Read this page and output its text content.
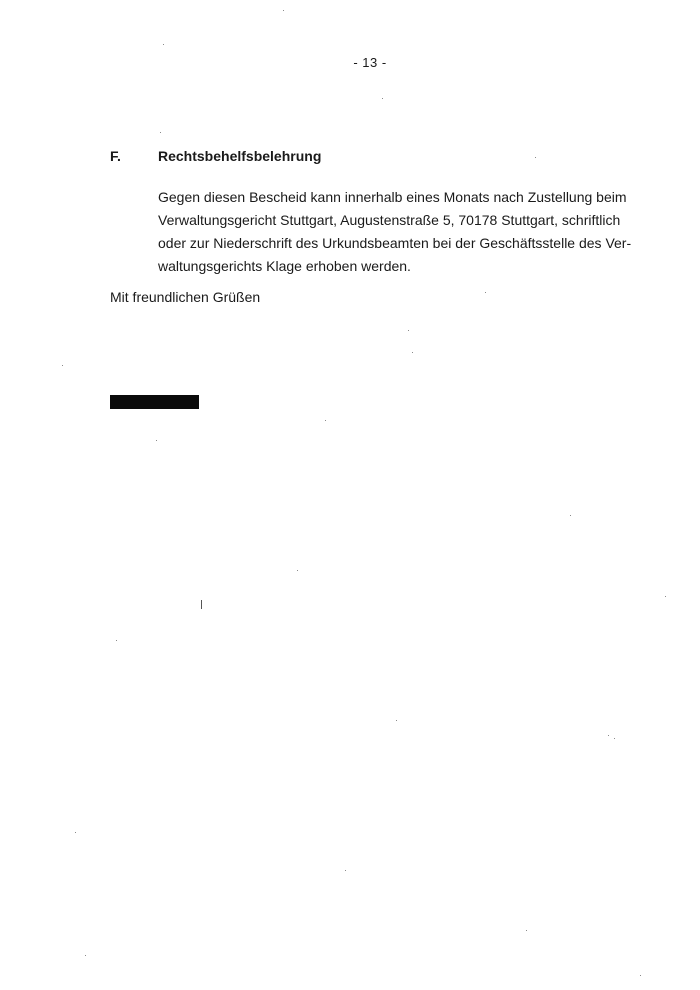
- 13 -
F.	Rechtsbehelfsbelehrung
Gegen diesen Bescheid kann innerhalb eines Monats nach Zustellung beim
Verwaltungsgericht Stuttgart, Augustenstraße 5, 70178 Stuttgart, schriftlich
oder zur Niederschrift des Urkundsbeamten bei der Geschäftsstelle des Ver-
waltungsgerichts Klage erhoben werden.
Mit freundlichen Grüßen
